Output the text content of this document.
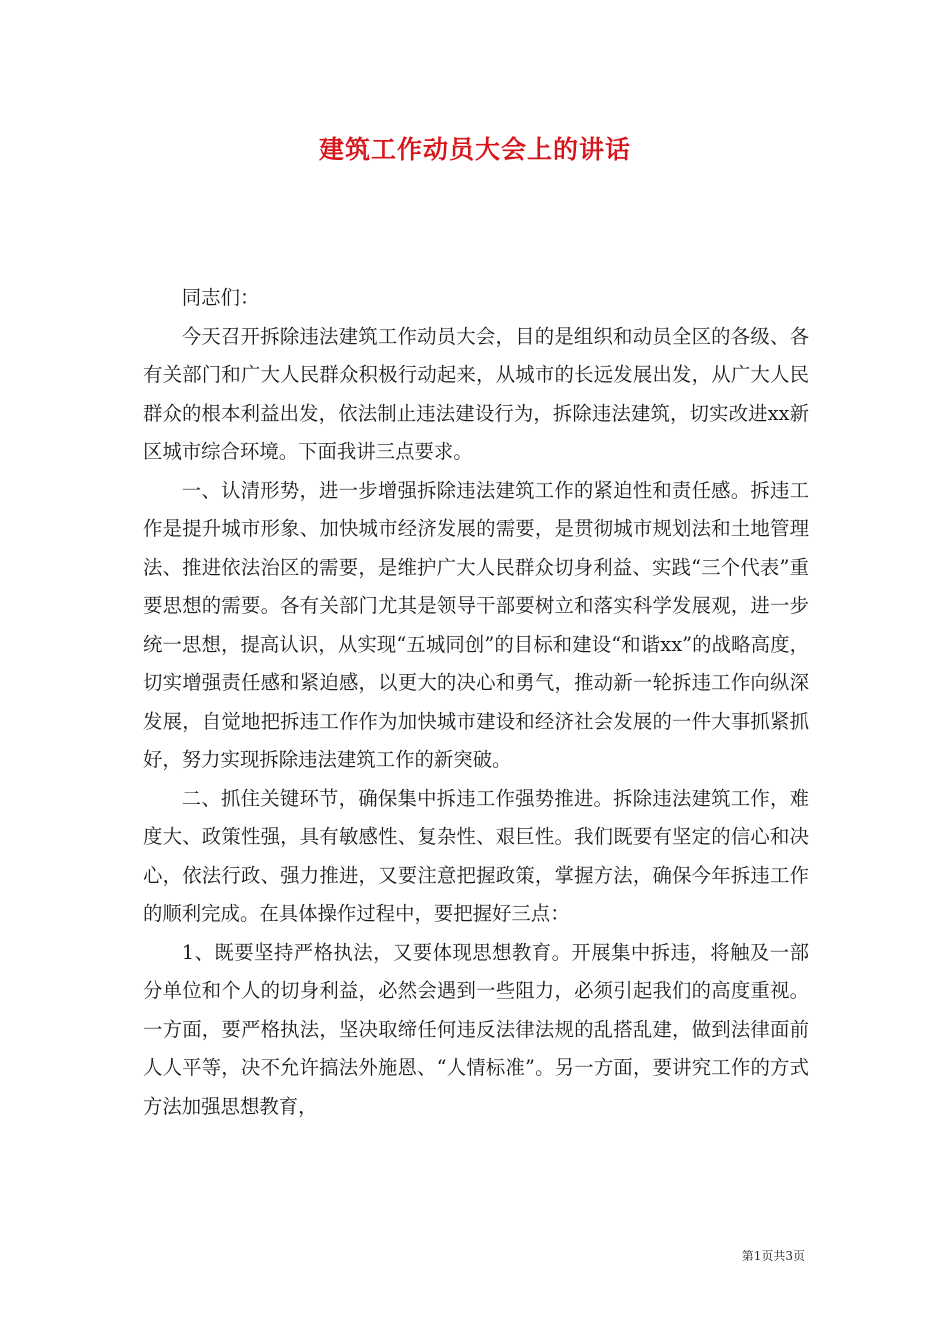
建筑工作动员大会上的讲话

同志们：

今天召开拆除违法建筑工作动员大会，目的是组织和动员全区的各级、各有关部门和广大人民群众积极行动起来，从城市的长远发展出发，从广大人民群众的根本利益出发，依法制止违法建设行为，拆除违法建筑，切实改进xx新区城市综合环境。下面我讲三点要求。

一、认清形势，进一步增强拆除违法建筑工作的紧迫性和责任感。拆违工作是提升城市形象、加快城市经济发展的需要，是贯彻城市规划法和土地管理法、推进依法治区的需要，是维护广大人民群众切身利益、实践“三个代表”重要思想的需要。各有关部门尤其是领导干部要树立和落实科学发展观，进一步统一思想，提高认识，从实现“五城同创”的目标和建设“和谐xx”的战略高度，切实增强责任感和紧迫感，以更大的决心和勇气，推动新一轮拆违工作向纵深发展，自觉地把拆违工作作为加快城市建设和经济社会发展的一件大事抓紧抓好，努力实现拆除违法建筑工作的新突破。

二、抓住关键环节，确保集中拆违工作强势推进。拆除违法建筑工作，难度大、政策性强，具有敏感性、复杂性、艰巨性。我们既要有坚定的信心和决心，依法行政、强力推进，又要注意把握政策，掌握方法，确保今年拆违工作的顺利完成。在具体操作过程中，要把握好三点：

1、既要坚持严格执法，又要体现思想教育。开展集中拆违，将触及一部分单位和个人的切身利益，必然会遇到一些阻力，必须引起我们的高度重视。一方面，要严格执法，坚决取缔任何违反法律法规的乱搭乱建，做到法律面前人人平等，决不允许搞法外施恩、“人情标准”。另一方面，要讲究工作的方式方法加强思想教育，

第1页共3页
